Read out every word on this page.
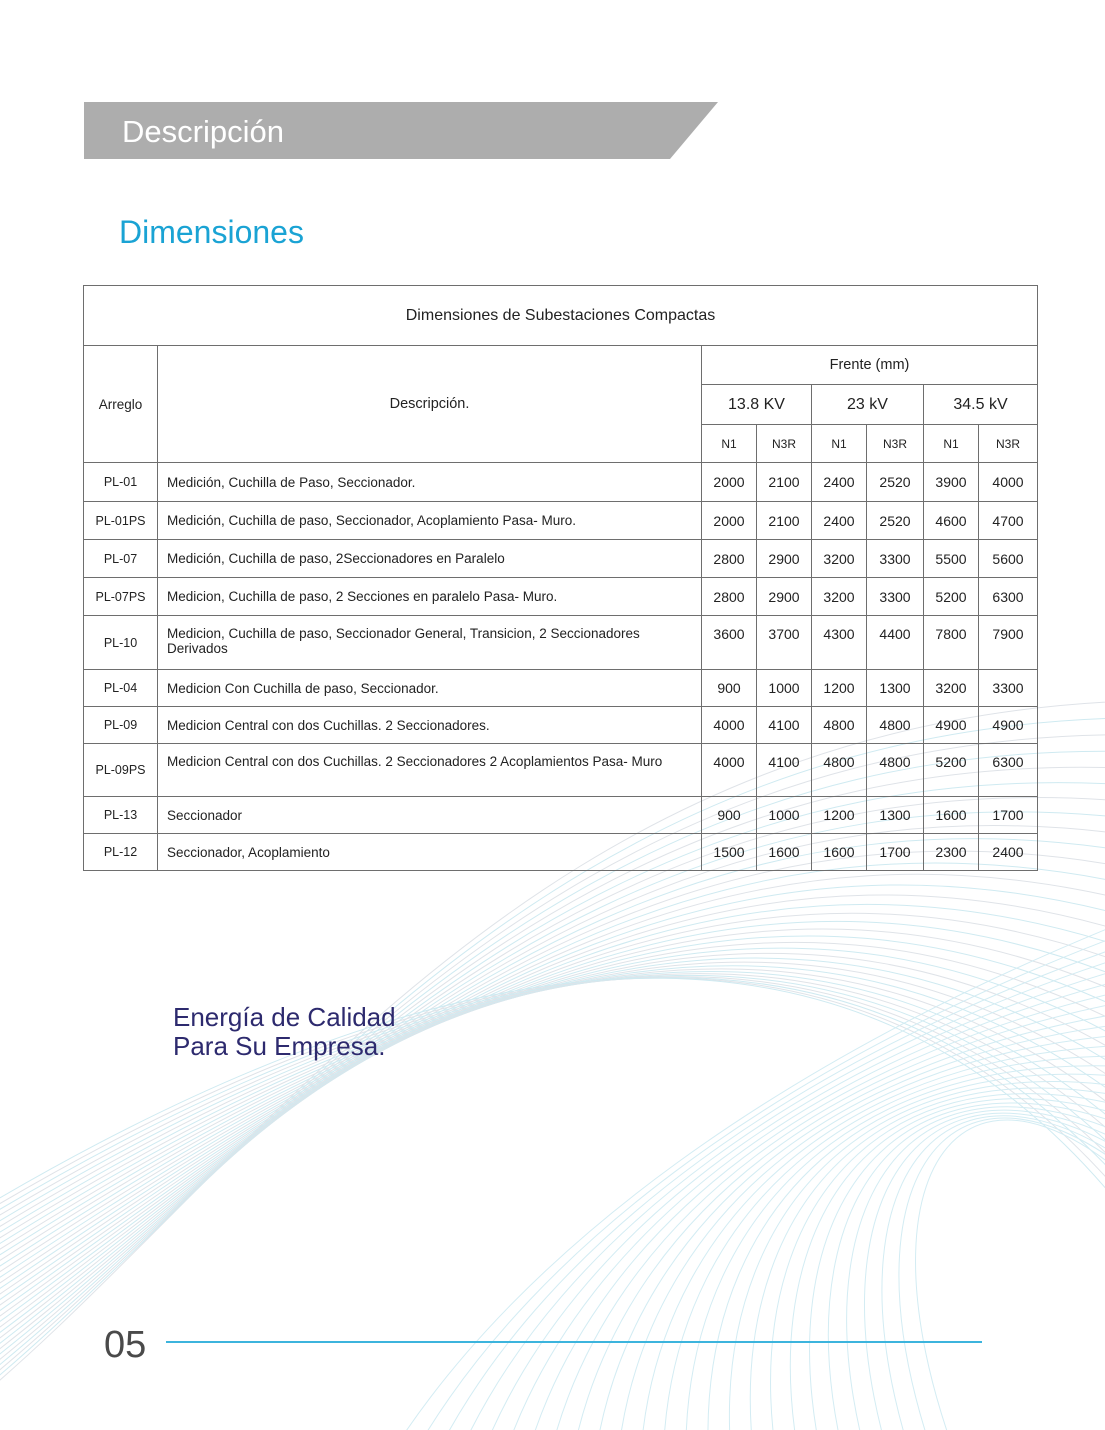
Descripción
Dimensiones
Dimensiones de Subestaciones Compactas							
Arreglo	Descripción.	Frente (mm)					
		13.8 KV		23 kV		34.5 kV	
		N1	N3R	N1	N3R	N1	N3R
PL-01	Medición, Cuchilla de Paso, Seccionador.	2000	2100	2400	2520	3900	4000
PL-01PS	Medición, Cuchilla de paso, Seccionador, Acoplamiento Pasa- Muro.	2000	2100	2400	2520	4600	4700
PL-07	Medición, Cuchilla de paso, 2Seccionadores en Paralelo	2800	2900	3200	3300	5500	5600
PL-07PS	Medicion, Cuchilla de paso, 2 Secciones en paralelo Pasa- Muro.	2800	2900	3200	3300	5200	6300
PL-10	Medicion, Cuchilla de paso, Seccionador General, Transicion, 2 Seccionadores Derivados	3600	3700	4300	4400	7800	7900
PL-04	Medicion Con Cuchilla de paso, Seccionador.	900	1000	1200	1300	3200	3300
PL-09	Medicion Central con dos Cuchillas. 2 Seccionadores.	4000	4100	4800	4800	4900	4900
PL-09PS	Medicion Central con dos Cuchillas. 2 Seccionadores 2 Acoplamientos Pasa- Muro	4000	4100	4800	4800	5200	6300
PL-13	Seccionador	900	1000	1200	1300	1600	1700
PL-12	Seccionador, Acoplamiento	1500	1600	1600	1700	2300	2400
Energía de Calidad
Para Su Empresa.
05
